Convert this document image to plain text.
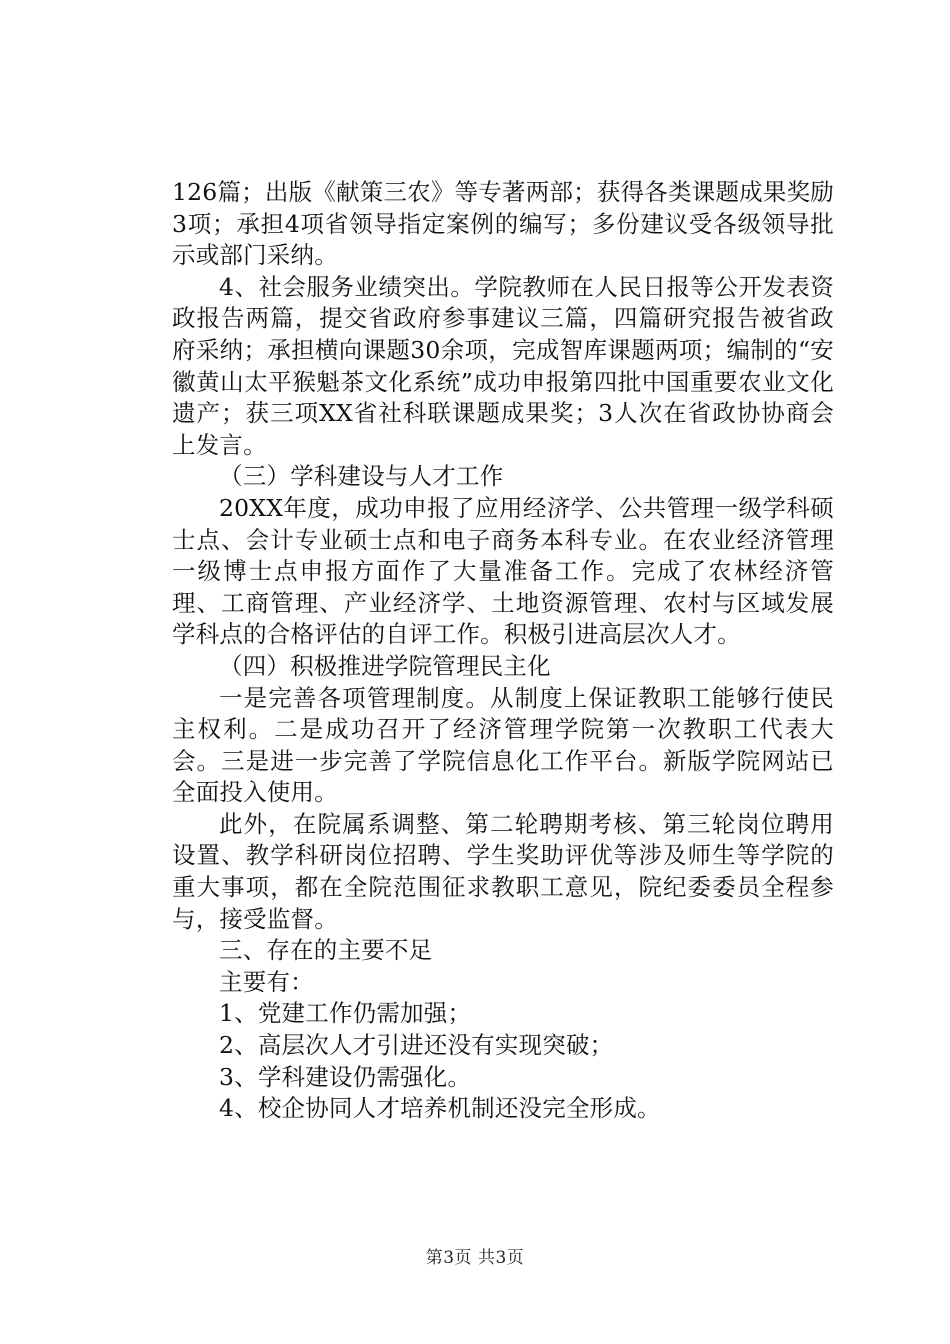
126篇；出版《献策三农》等专著两部；获得各类课题成果奖励3项；承担4项省领导指定案例的编写；多份建议受各级领导批示或部门采纳。

4、社会服务业绩突出。学院教师在人民日报等公开发表资政报告两篇，提交省政府参事建议三篇，四篇研究报告被省政府采纳；承担横向课题30余项，完成智库课题两项；编制的“安徽黄山太平猴魁茶文化系统”成功申报第四批中国重要农业文化遗产；获三项XX省社科联课题成果奖；3人次在省政协协商会上发言。

（三）学科建设与人才工作

20XX年度，成功申报了应用经济学、公共管理一级学科硕士点、会计专业硕士点和电子商务本科专业。在农业经济管理一级博士点申报方面作了大量准备工作。完成了农林经济管理、工商管理、产业经济学、土地资源管理、农村与区域发展学科点的合格评估的自评工作。积极引进高层次人才。

（四）积极推进学院管理民主化

一是完善各项管理制度。从制度上保证教职工能够行使民主权利。二是成功召开了经济管理学院第一次教职工代表大会。三是进一步完善了学院信息化工作平台。新版学院网站已全面投入使用。

此外，在院属系调整、第二轮聘期考核、第三轮岗位聘用设置、教学科研岗位招聘、学生奖助评优等涉及师生等学院的重大事项，都在全院范围征求教职工意见，院纪委委员全程参与，接受监督。

三、存在的主要不足

主要有：

1、党建工作仍需加强；

2、高层次人才引进还没有实现突破；

3、学科建设仍需强化。

4、校企协同人才培养机制还没完全形成。

第3页 共3页
